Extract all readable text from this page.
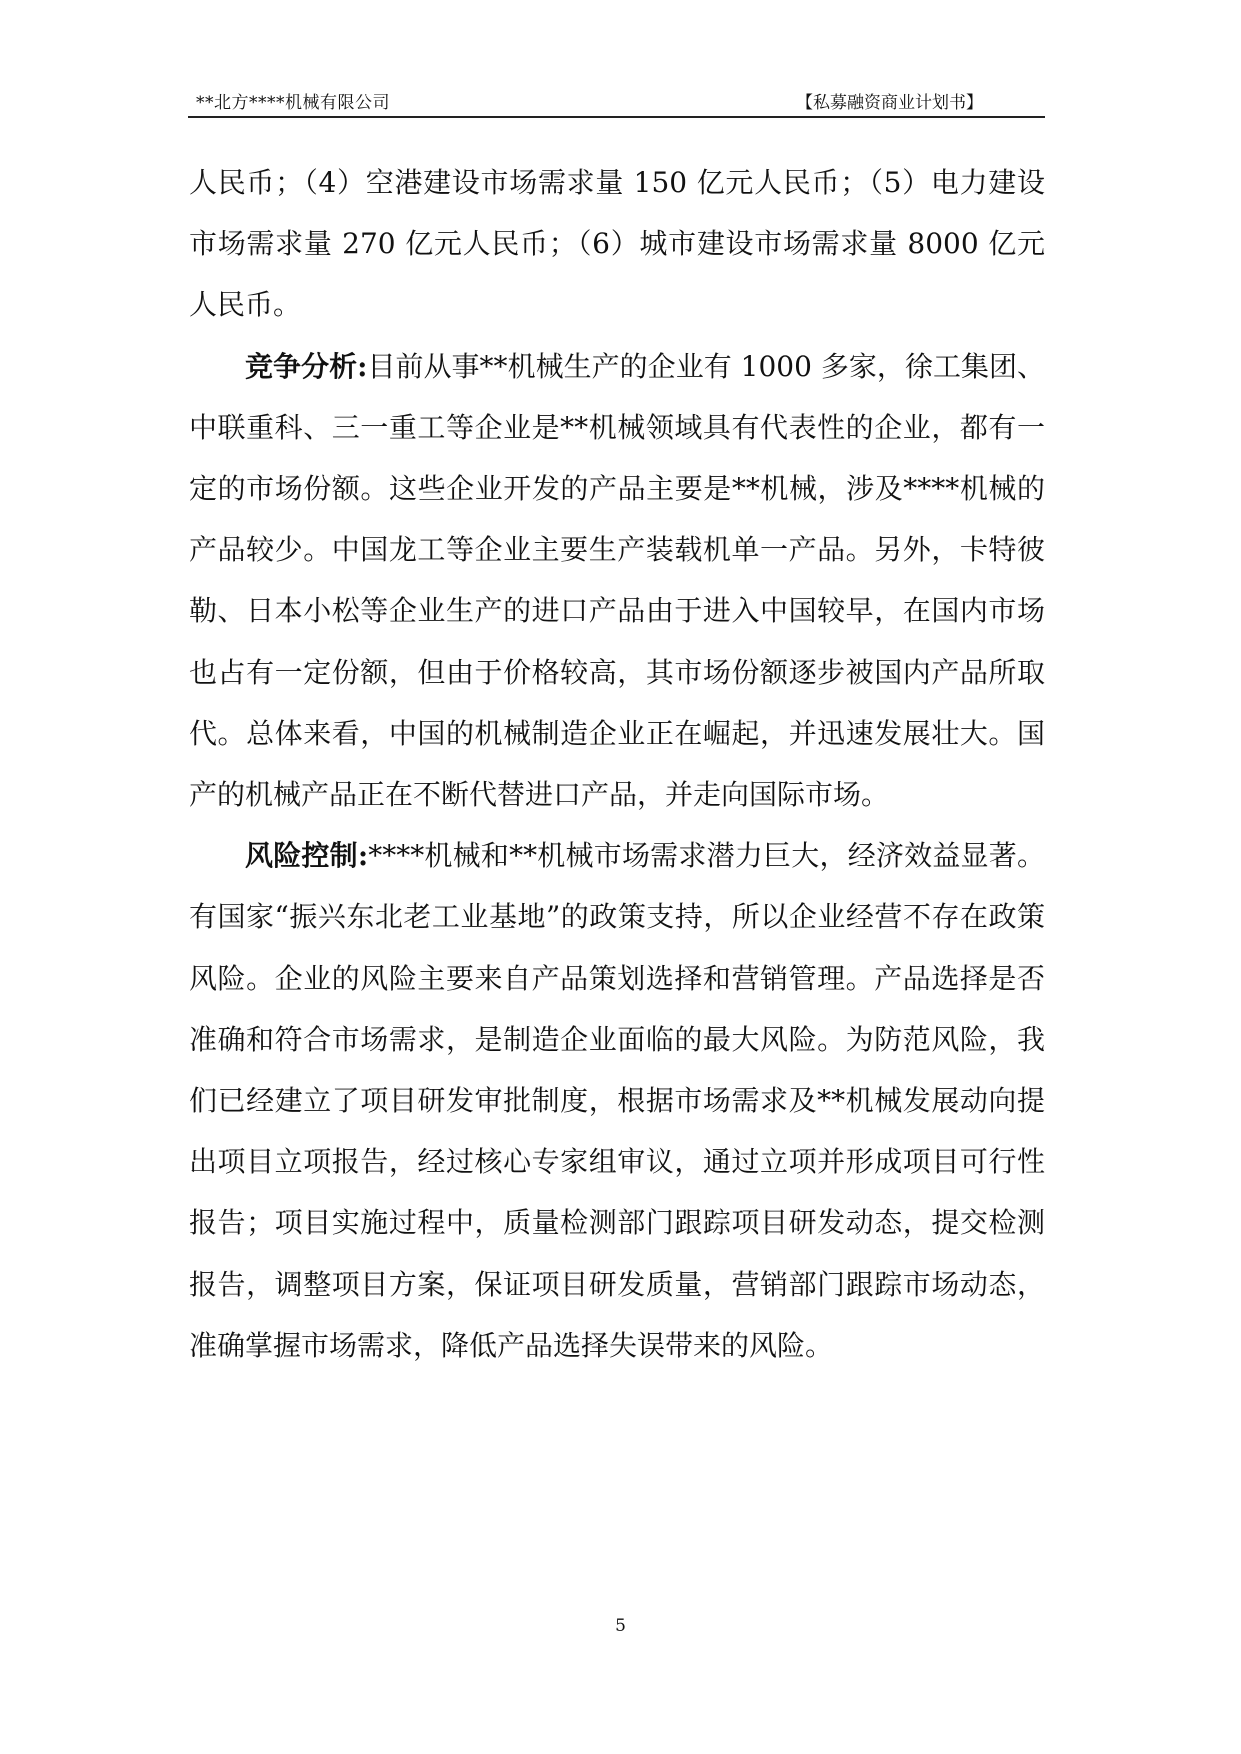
**北方****机械有限公司	【私募融资商业计划书】

人民币；（4）空港建设市场需求量 150 亿元人民币；（5）电力建设市场需求量 270 亿元人民币；（6）城市建设市场需求量 8000 亿元人民币。

竞争分析:目前从事**机械生产的企业有 1000 多家，徐工集团、中联重科、三一重工等企业是**机械领域具有代表性的企业，都有一定的市场份额。这些企业开发的产品主要是**机械，涉及****机械的产品较少。中国龙工等企业主要生产装载机单一产品。另外，卡特彼勒、日本小松等企业生产的进口产品由于进入中国较早，在国内市场也占有一定份额，但由于价格较高，其市场份额逐步被国内产品所取代。总体来看，中国的机械制造企业正在崛起，并迅速发展壮大。国产的机械产品正在不断代替进口产品，并走向国际市场。

风险控制:****机械和**机械市场需求潜力巨大，经济效益显著。有国家“振兴东北老工业基地”的政策支持，所以企业经营不存在政策风险。企业的风险主要来自产品策划选择和营销管理。产品选择是否准确和符合市场需求，是制造企业面临的最大风险。为防范风险，我们已经建立了项目研发审批制度，根据市场需求及**机械发展动向提出项目立项报告，经过核心专家组审议，通过立项并形成项目可行性报告；项目实施过程中，质量检测部门跟踪项目研发动态，提交检测报告，调整项目方案，保证项目研发质量，营销部门跟踪市场动态，准确掌握市场需求，降低产品选择失误带来的风险。

5
